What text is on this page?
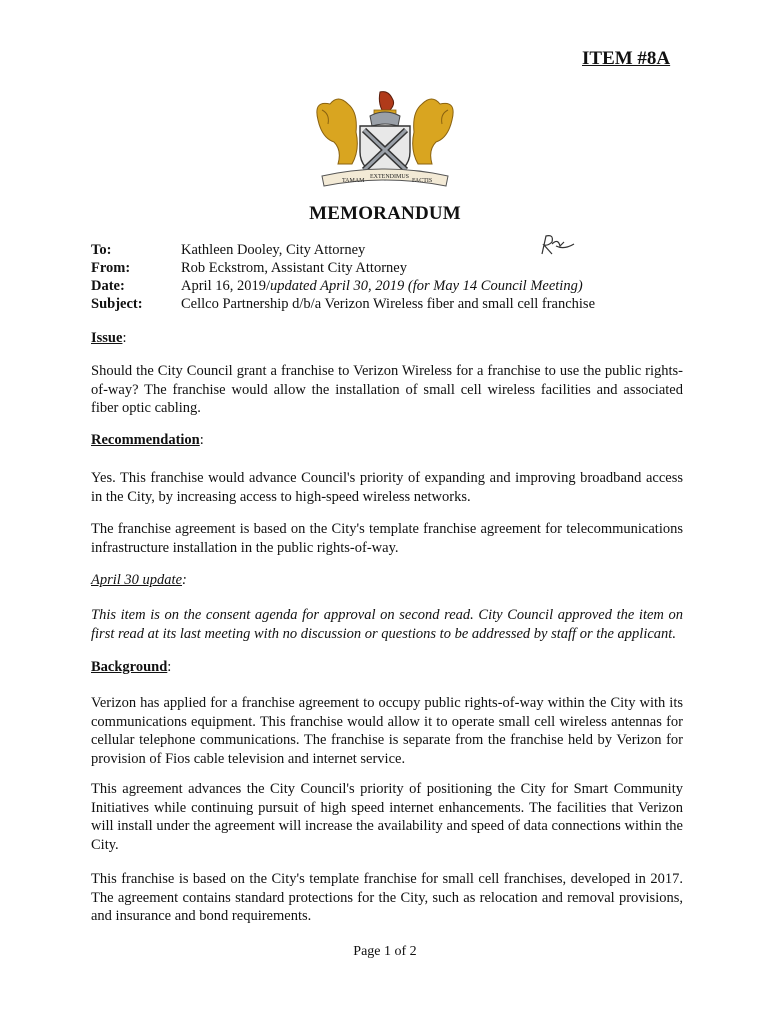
ITEM #8A
TAMAM
EXTENDIMUS
FACTIS
MEMORANDUM
To:	Kathleen Dooley, City Attorney
From:	Rob Eckstrom, Assistant City Attorney
Date:	April 16, 2019/updated April 30, 2019 (for May 14 Council Meeting)
Subject:	Cellco Partnership d/b/a Verizon Wireless fiber and small cell franchise
Issue:

Should the City Council grant a franchise to Verizon Wireless for a franchise to use the public rights-of-way? The franchise would allow the installation of small cell wireless facilities and associated fiber optic cabling.

Recommendation:

Yes. This franchise would advance Council's priority of expanding and improving broadband access in the City, by increasing access to high-speed wireless networks.

The franchise agreement is based on the City's template franchise agreement for telecommunications infrastructure installation in the public rights-of-way.

April 30 update:

This item is on the consent agenda for approval on second read. City Council approved the item on first read at its last meeting with no discussion or questions to be addressed by staff or the applicant.

Background:

Verizon has applied for a franchise agreement to occupy public rights-of-way within the City with its communications equipment. This franchise would allow it to operate small cell wireless antennas for cellular telephone communications. The franchise is separate from the franchise held by Verizon for provision of Fios cable television and internet service.

This agreement advances the City Council's priority of positioning the City for Smart Community Initiatives while continuing pursuit of high speed internet enhancements. The facilities that Verizon will install under the agreement will increase the availability and speed of data connections within the City.

This franchise is based on the City's template franchise for small cell franchises, developed in 2017. The agreement contains standard protections for the City, such as relocation and removal provisions, and insurance and bond requirements.

Page 1 of 2
